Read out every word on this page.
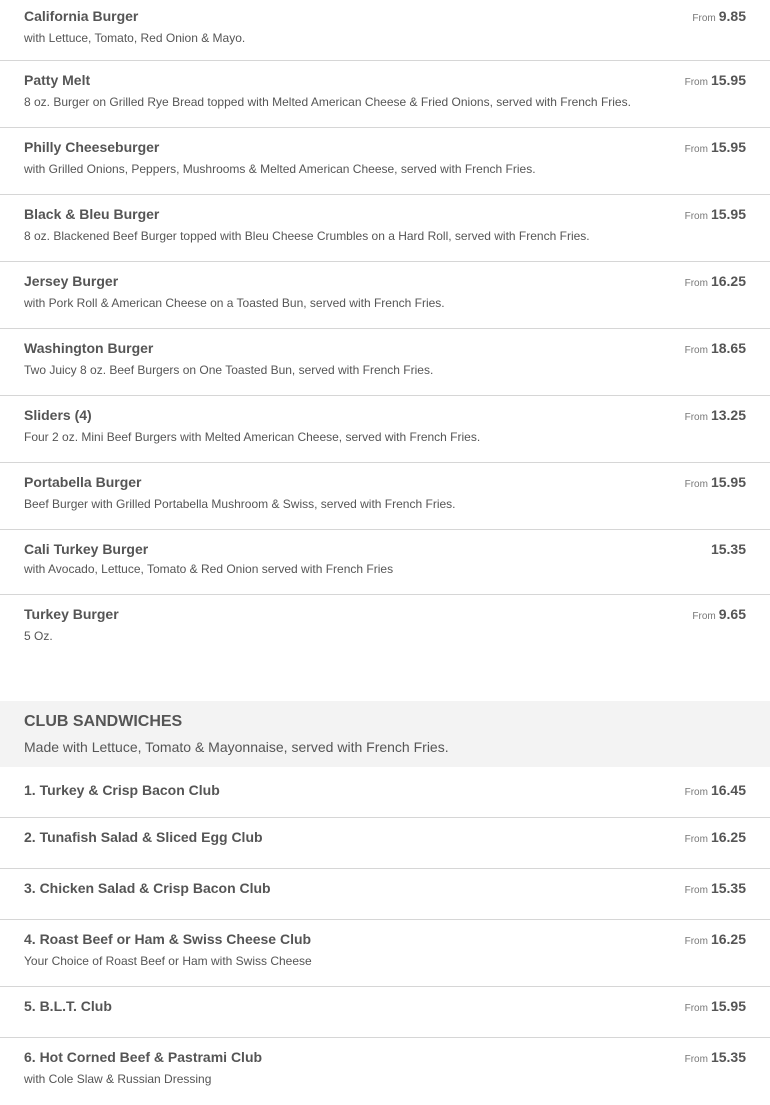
California Burger
with Lettuce, Tomato, Red Onion & Mayo.
From 9.85
Patty Melt
8 oz. Burger on Grilled Rye Bread topped with Melted American Cheese & Fried Onions, served with French Fries.
From 15.95
Philly Cheeseburger
with Grilled Onions, Peppers, Mushrooms & Melted American Cheese, served with French Fries.
From 15.95
Black & Bleu Burger
8 oz. Blackened Beef Burger topped with Bleu Cheese Crumbles on a Hard Roll, served with French Fries.
From 15.95
Jersey Burger
with Pork Roll & American Cheese on a Toasted Bun, served with French Fries.
From 16.25
Washington Burger
Two Juicy 8 oz. Beef Burgers on One Toasted Bun, served with French Fries.
From 18.65
Sliders (4)
Four 2 oz. Mini Beef Burgers with Melted American Cheese, served with French Fries.
From 13.25
Portabella Burger
Beef Burger with Grilled Portabella Mushroom & Swiss, served with French Fries.
From 15.95
Cali Turkey Burger
with Avocado, Lettuce, Tomato & Red Onion served with French Fries
15.35
Turkey Burger
5 Oz.
From 9.65
CLUB SANDWICHES
Made with Lettuce, Tomato & Mayonnaise, served with French Fries.
1. Turkey & Crisp Bacon Club	From 16.45
2. Tunafish Salad & Sliced Egg Club	From 16.25
3. Chicken Salad & Crisp Bacon Club	From 15.35
4. Roast Beef or Ham & Swiss Cheese Club
Your Choice of Roast Beef or Ham with Swiss Cheese
From 16.25
5. B.L.T. Club	From 15.95
6. Hot Corned Beef & Pastrami Club
with Cole Slaw & Russian Dressing
From 15.35
